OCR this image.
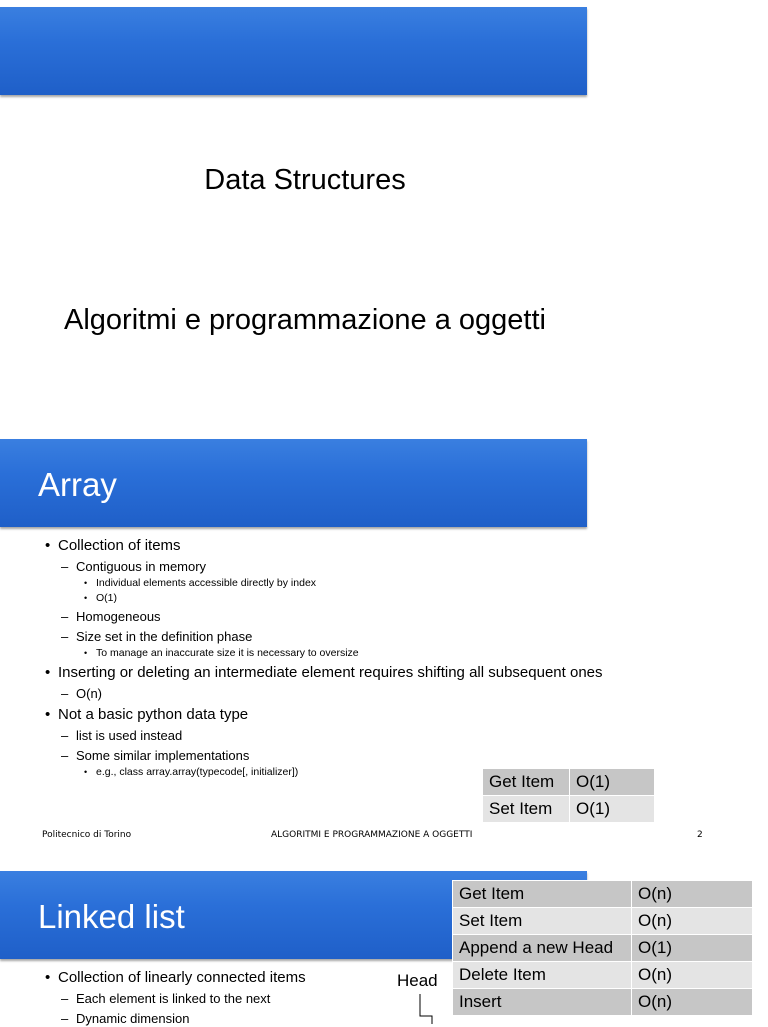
Data Structures
Algoritmi e programmazione a oggetti
Array
• Collection of items
– Contiguous in memory
• Individual elements accessible directly by index
• O(1)
– Homogeneous
– Size set in the definition phase
• To manage an inaccurate size it is necessary to oversize
• Inserting or deleting an intermediate element requires shifting all subsequent ones
– O(n)
• Not a basic python data type
– list is used instead
– Some similar implementations
• e.g., class array.array(typecode[, initializer])	Get Item	O(1)
Set Item	O(1)
Politecnico di Torino	ALGORITMI E PROGRAMMAZIONE A OGGETTI	2
Linked list
• Collection of linearly connected items
– Each element is linked to the next
– Dynamic dimension
Head
Get Item	O(n)
Set Item	O(n)
Append a new Head	O(1)
Delete Item	O(n)
Insert	O(n)
